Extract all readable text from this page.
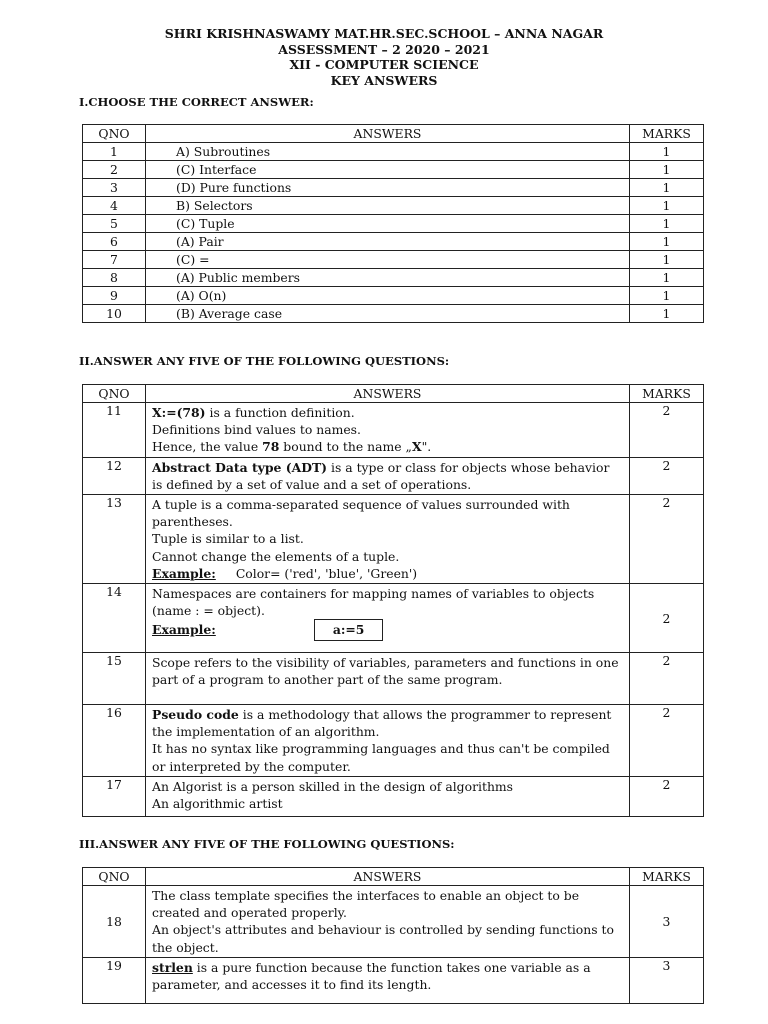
SHRI KRISHNASWAMY MAT.HR.SEC.SCHOOL – ANNA NAGAR
ASSESSMENT – 2 2020 – 2021
XII - COMPUTER SCIENCE
KEY ANSWERS
I.CHOOSE THE CORRECT ANSWER:
QNO	ANSWERS	MARKS
1	A) Subroutines	1
2	(C) Interface	1
3	(D) Pure functions	1
4	B) Selectors	1
5	(C) Tuple	1
6	(A) Pair	1
7	(C) =	1
8	(A) Public members	1
9	(A) O(n)	1
10	(B) Average case	1
II.ANSWER ANY FIVE OF THE FOLLOWING QUESTIONS:
QNO	ANSWERS	MARKS
11	X:=(78) is a function definition.
Definitions bind values to names.
Hence, the value 78 bound to the name „X".	2
12	Abstract Data type (ADT) is a type or class for objects whose behavior is defined by a set of value and a set of operations.	2
13	A tuple is a comma-separated sequence of values surrounded with parentheses.
Tuple is similar to a list.
Cannot change the elements of a tuple.
Example: Color= ('red', 'blue', 'Green')	2
14	Namespaces are containers for mapping names of variables to objects (name : = object).
Example: a:=5	2
15	Scope refers to the visibility of variables, parameters and functions in one part of a program to another part of the same program.	2
16	Pseudo code is a methodology that allows the programmer to represent the implementation of an algorithm.
It has no syntax like programming languages and thus can't be compiled or interpreted by the computer.	2
17	An Algorist is a person skilled in the design of algorithms
An algorithmic artist	2
III.ANSWER ANY FIVE OF THE FOLLOWING QUESTIONS:
QNO	ANSWERS	MARKS
18	The class template specifies the interfaces to enable an object to be created and operated properly.
An object's attributes and behaviour is controlled by sending functions to the object.	3
19	strlen is a pure function because the function takes one variable as a parameter, and accesses it to find its length.	3
